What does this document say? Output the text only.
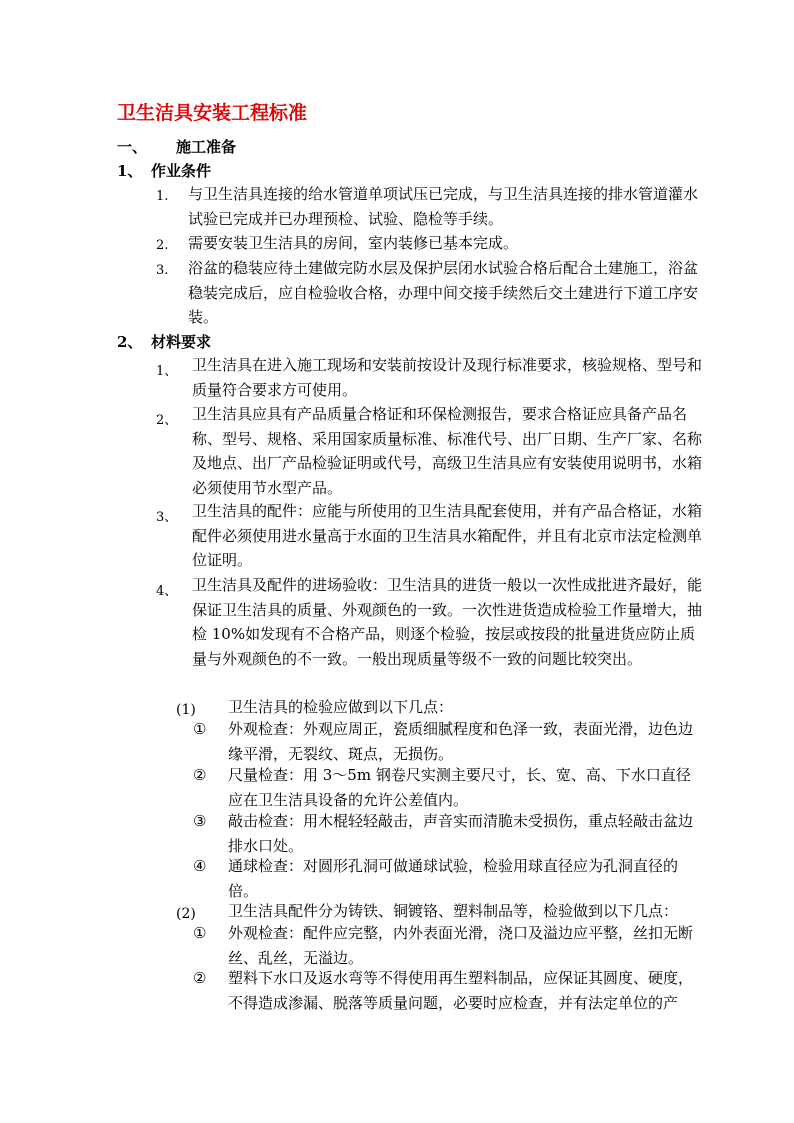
卫生洁具安装工程标准
一、 施工准备
1、 作业条件
1. 与卫生洁具连接的给水管道单项试压已完成，与卫生洁具连接的排水管道灌水试验已完成并已办理预检、试验、隐检等手续。
2. 需要安装卫生洁具的房间，室内装修已基本完成。
3. 浴盆的稳装应待土建做完防水层及保护层闭水试验合格后配合土建施工，浴盆稳装完成后，应自检验收合格，办理中间交接手续然后交土建进行下道工序安装。
2、 材料要求
1、 卫生洁具在进入施工现场和安装前按设计及现行标准要求，核验规格、型号和质量符合要求方可使用。
2、 卫生洁具应具有产品质量合格证和环保检测报告，要求合格证应具备产品名称、型号、规格、采用国家质量标准、标准代号、出厂日期、生产厂家、名称及地点、出厂产品检验证明或代号，高级卫生洁具应有安装使用说明书，水箱必须使用节水型产品。
3、 卫生洁具的配件：应能与所使用的卫生洁具配套使用，并有产品合格证，水箱配件必须使用进水量高于水面的卫生洁具水箱配件，并且有北京市法定检测单位证明。
4、 卫生洁具及配件的进场验收：卫生洁具的进货一般以一次性成批进齐最好，能保证卫生洁具的质量、外观颜色的一致。一次性进货造成检验工作量增大，抽检 10%如发现有不合格产品，则逐个检验，按层或按段的批量进货应防止质量与外观颜色的不一致。一般出现质量等级不一致的问题比较突出。
(1) 卫生洁具的检验应做到以下几点：
① 外观检查：外观应周正，瓷质细腻程度和色泽一致，表面光滑，边色边缘平滑，无裂纹、斑点，无损伤。
② 尺量检查：用 3～5m 钢卷尺实测主要尺寸，长、宽、高、下水口直径应在卫生洁具设备的允许公差值内。
③ 敲击检查：用木棍轻轻敲击，声音实而清脆未受损伤，重点轻敲击盆边排水口处。
④ 通球检查：对圆形孔洞可做通球试验，检验用球直径应为孔洞直径的倍。
(2) 卫生洁具配件分为铸铁、铜镀铬、塑料制品等，检验做到以下几点：
① 外观检查：配件应完整，内外表面光滑，浇口及溢边应平整，丝扣无断丝、乱丝，无溢边。
② 塑料下水口及返水弯等不得使用再生塑料制品，应保证其圆度、硬度，不得造成渗漏、脱落等质量问题，必要时应检查，并有法定单位的产
